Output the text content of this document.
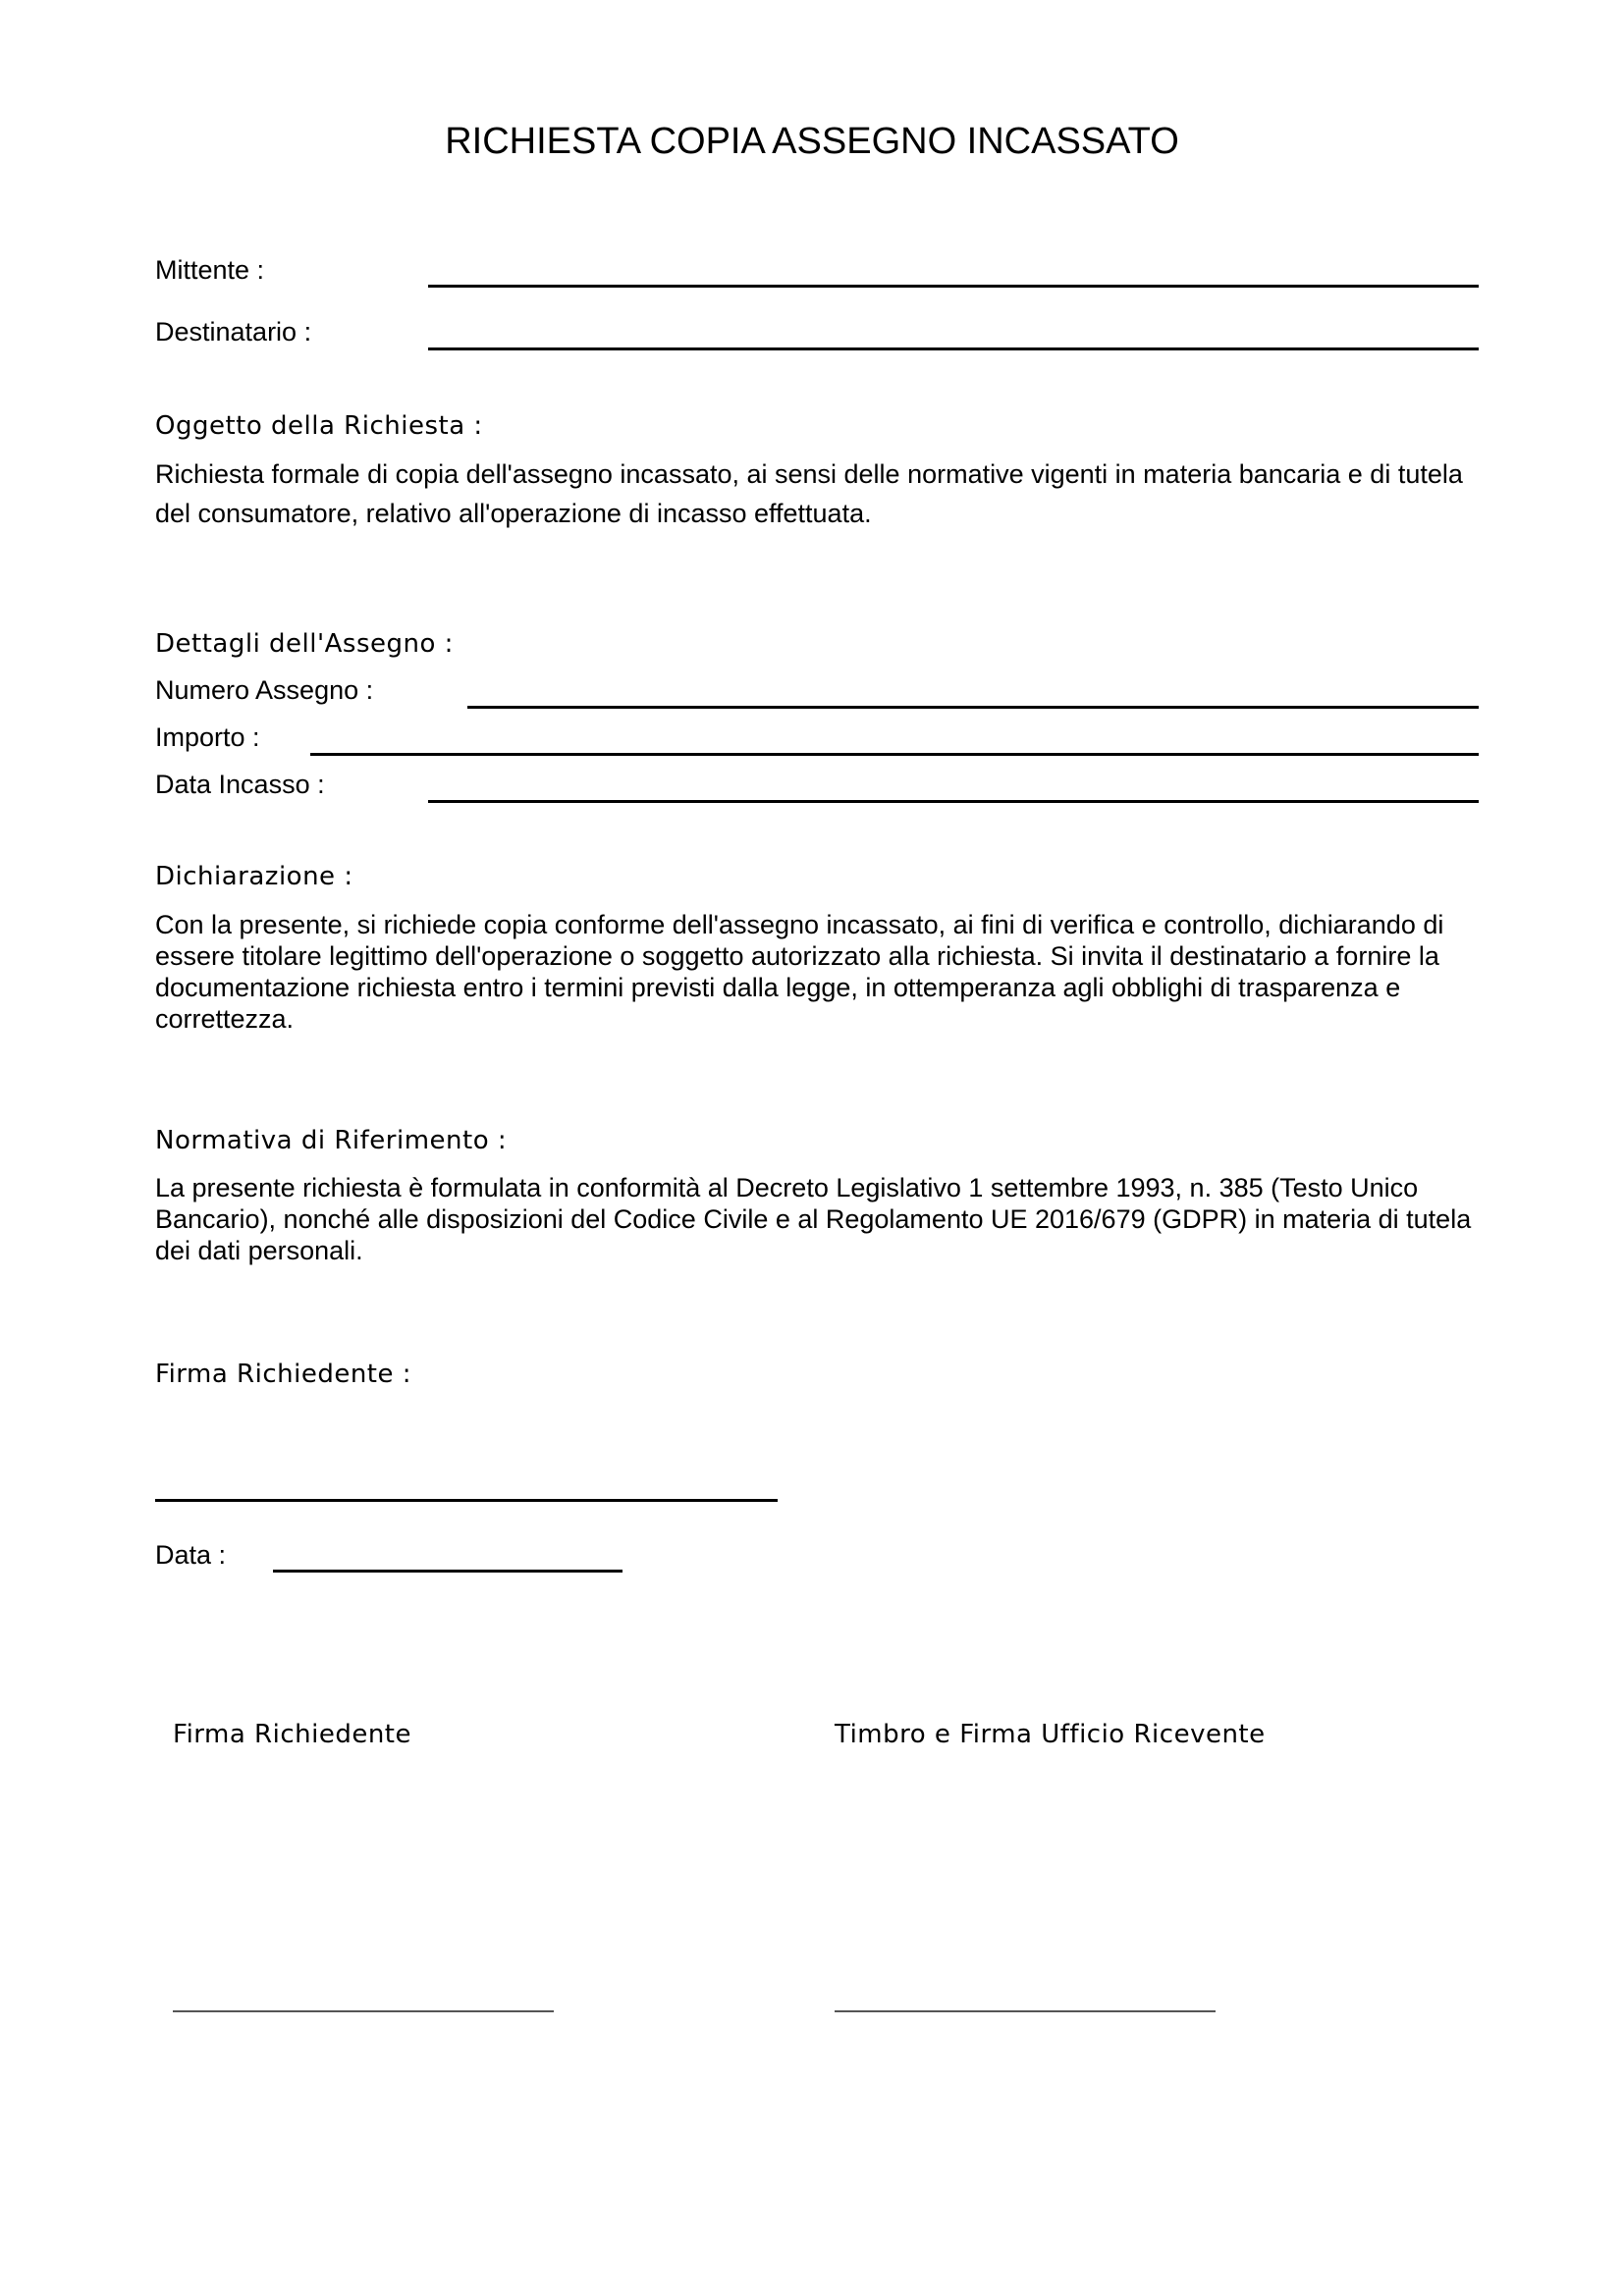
RICHIESTA COPIA ASSEGNO INCASSATO
Mittente :
Destinatario :
Oggetto della Richiesta :
Richiesta formale di copia dell'assegno incassato, ai sensi delle normative vigenti in materia bancaria e di tutela del consumatore, relativo all'operazione di incasso effettuata.
Dettagli dell'Assegno :
Numero Assegno :
Importo :
Data Incasso :
Dichiarazione :
Con la presente, si richiede copia conforme dell'assegno incassato, ai fini di verifica e controllo, dichiarando di essere titolare legittimo dell'operazione o soggetto autorizzato alla richiesta. Si invita il destinatario a fornire la documentazione richiesta entro i termini previsti dalla legge, in ottemperanza agli obblighi di trasparenza e correttezza.
Normativa di Riferimento :
La presente richiesta è formulata in conformità al Decreto Legislativo 1 settembre 1993, n. 385 (Testo Unico Bancario), nonché alle disposizioni del Codice Civile e al Regolamento UE 2016/679 (GDPR) in materia di tutela dei dati personali.
Firma Richiedente :
Data :
Firma Richiedente	Timbro e Firma Ufficio Ricevente
